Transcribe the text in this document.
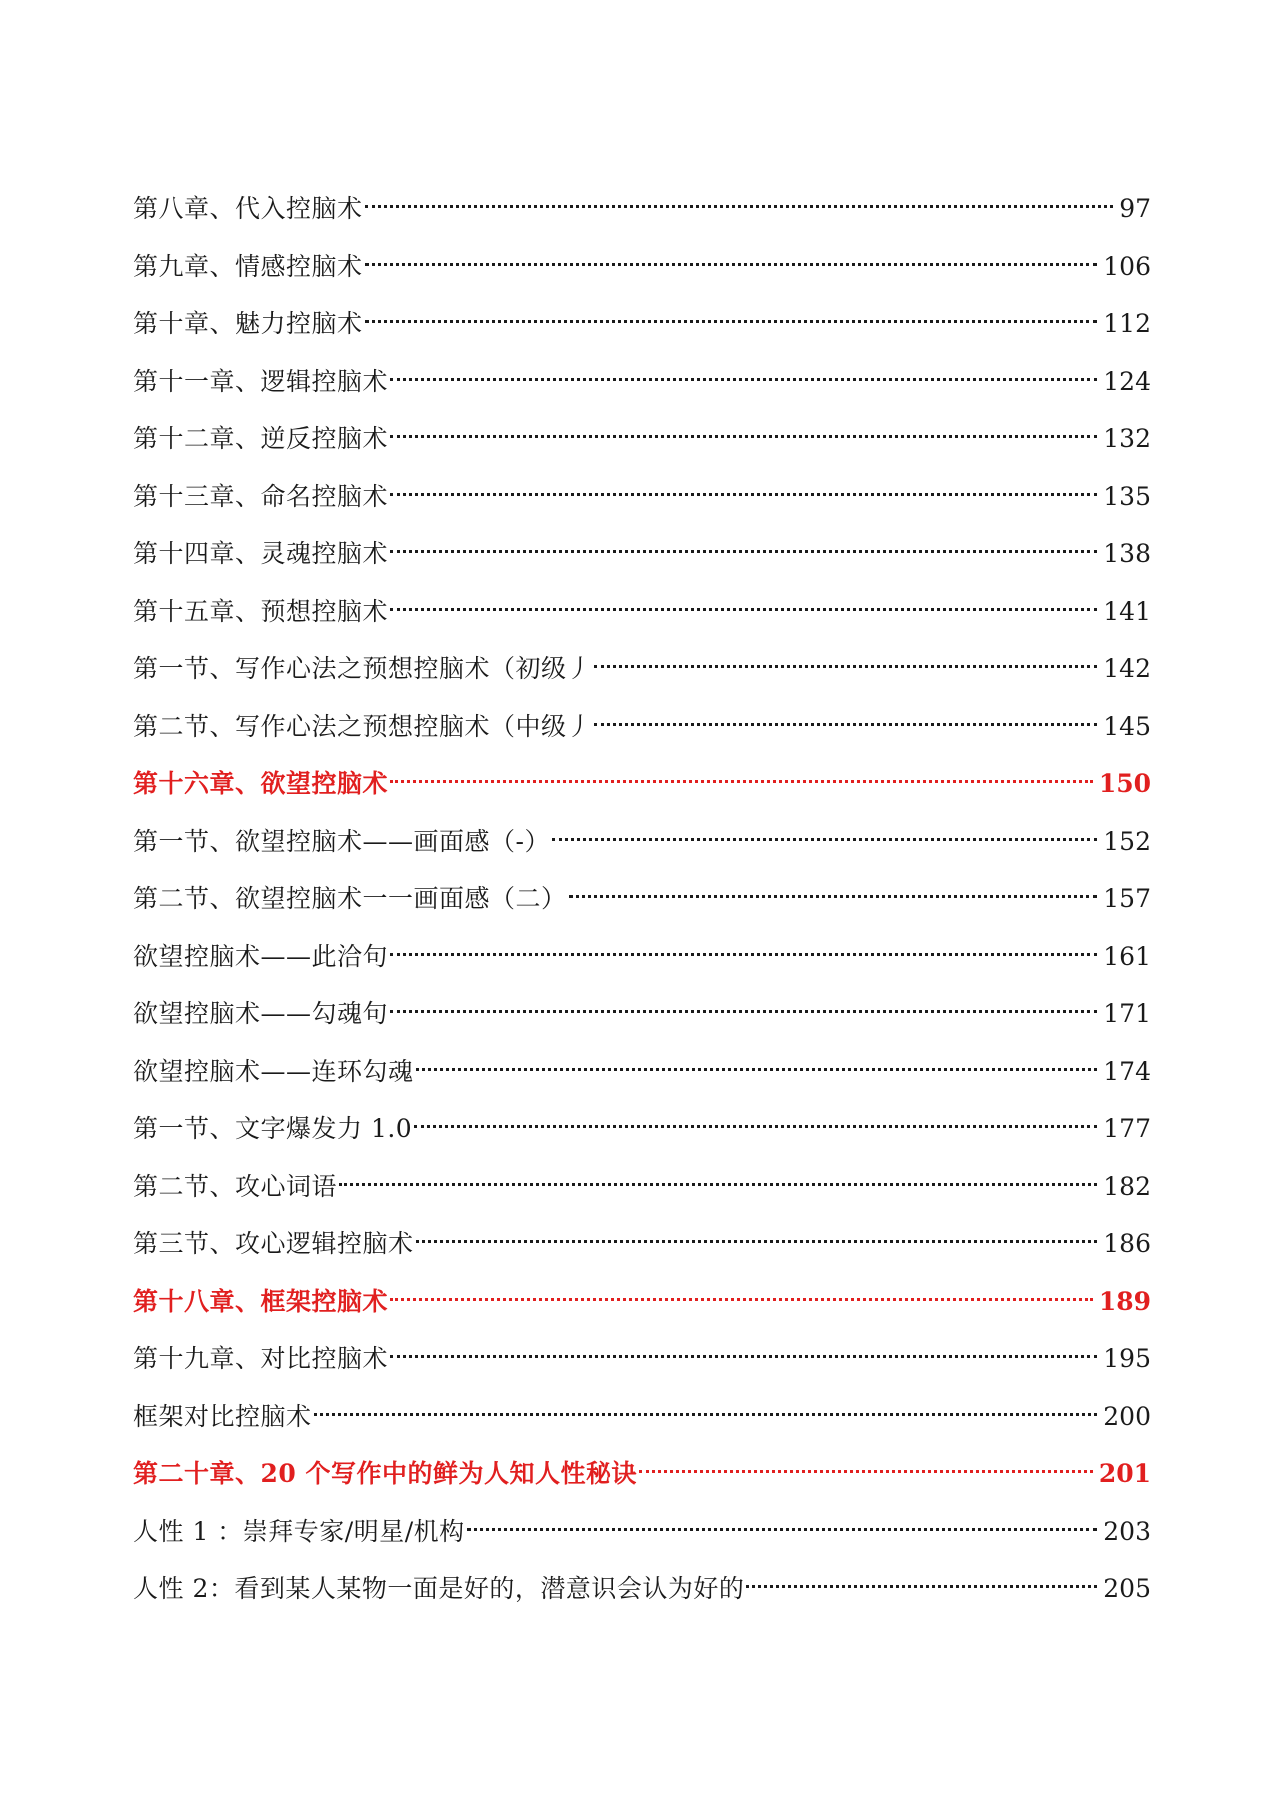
第八章、代入控脑术	97
第九章、情感控脑术	106
第十章、魅力控脑术	112
第十一章、逻辑控脑术	124
第十二章、逆反控脑术	132
第十三章、命名控脑术	135
第十四章、灵魂控脑术	138
第十五章、预想控脑术	141
第一节、写作心法之预想控脑术（初级丿	142
第二节、写作心法之预想控脑术（中级丿	145
第十六章、欲望控脑术	150
第一节、欲望控脑术——画面感（-）	152
第二节、欲望控脑术一一画面感（二）	157
欲望控脑术——此洽句	161
欲望控脑术——勾魂句	171
欲望控脑术——连环勾魂	174
第一节、文字爆发力 1.0	177
第二节、攻心词语	182
第三节、攻心逻辑控脑术	186
第十八章、框架控脑术	189
第十九章、对比控脑术	195
框架对比控脑术	200
第二十章、20 个写作中的鲜为人知人性秘诀	201
人性 1 ：崇拜专家/明星/机构	203
人性 2：看到某人某物一面是好的，潜意识会认为好的	205
